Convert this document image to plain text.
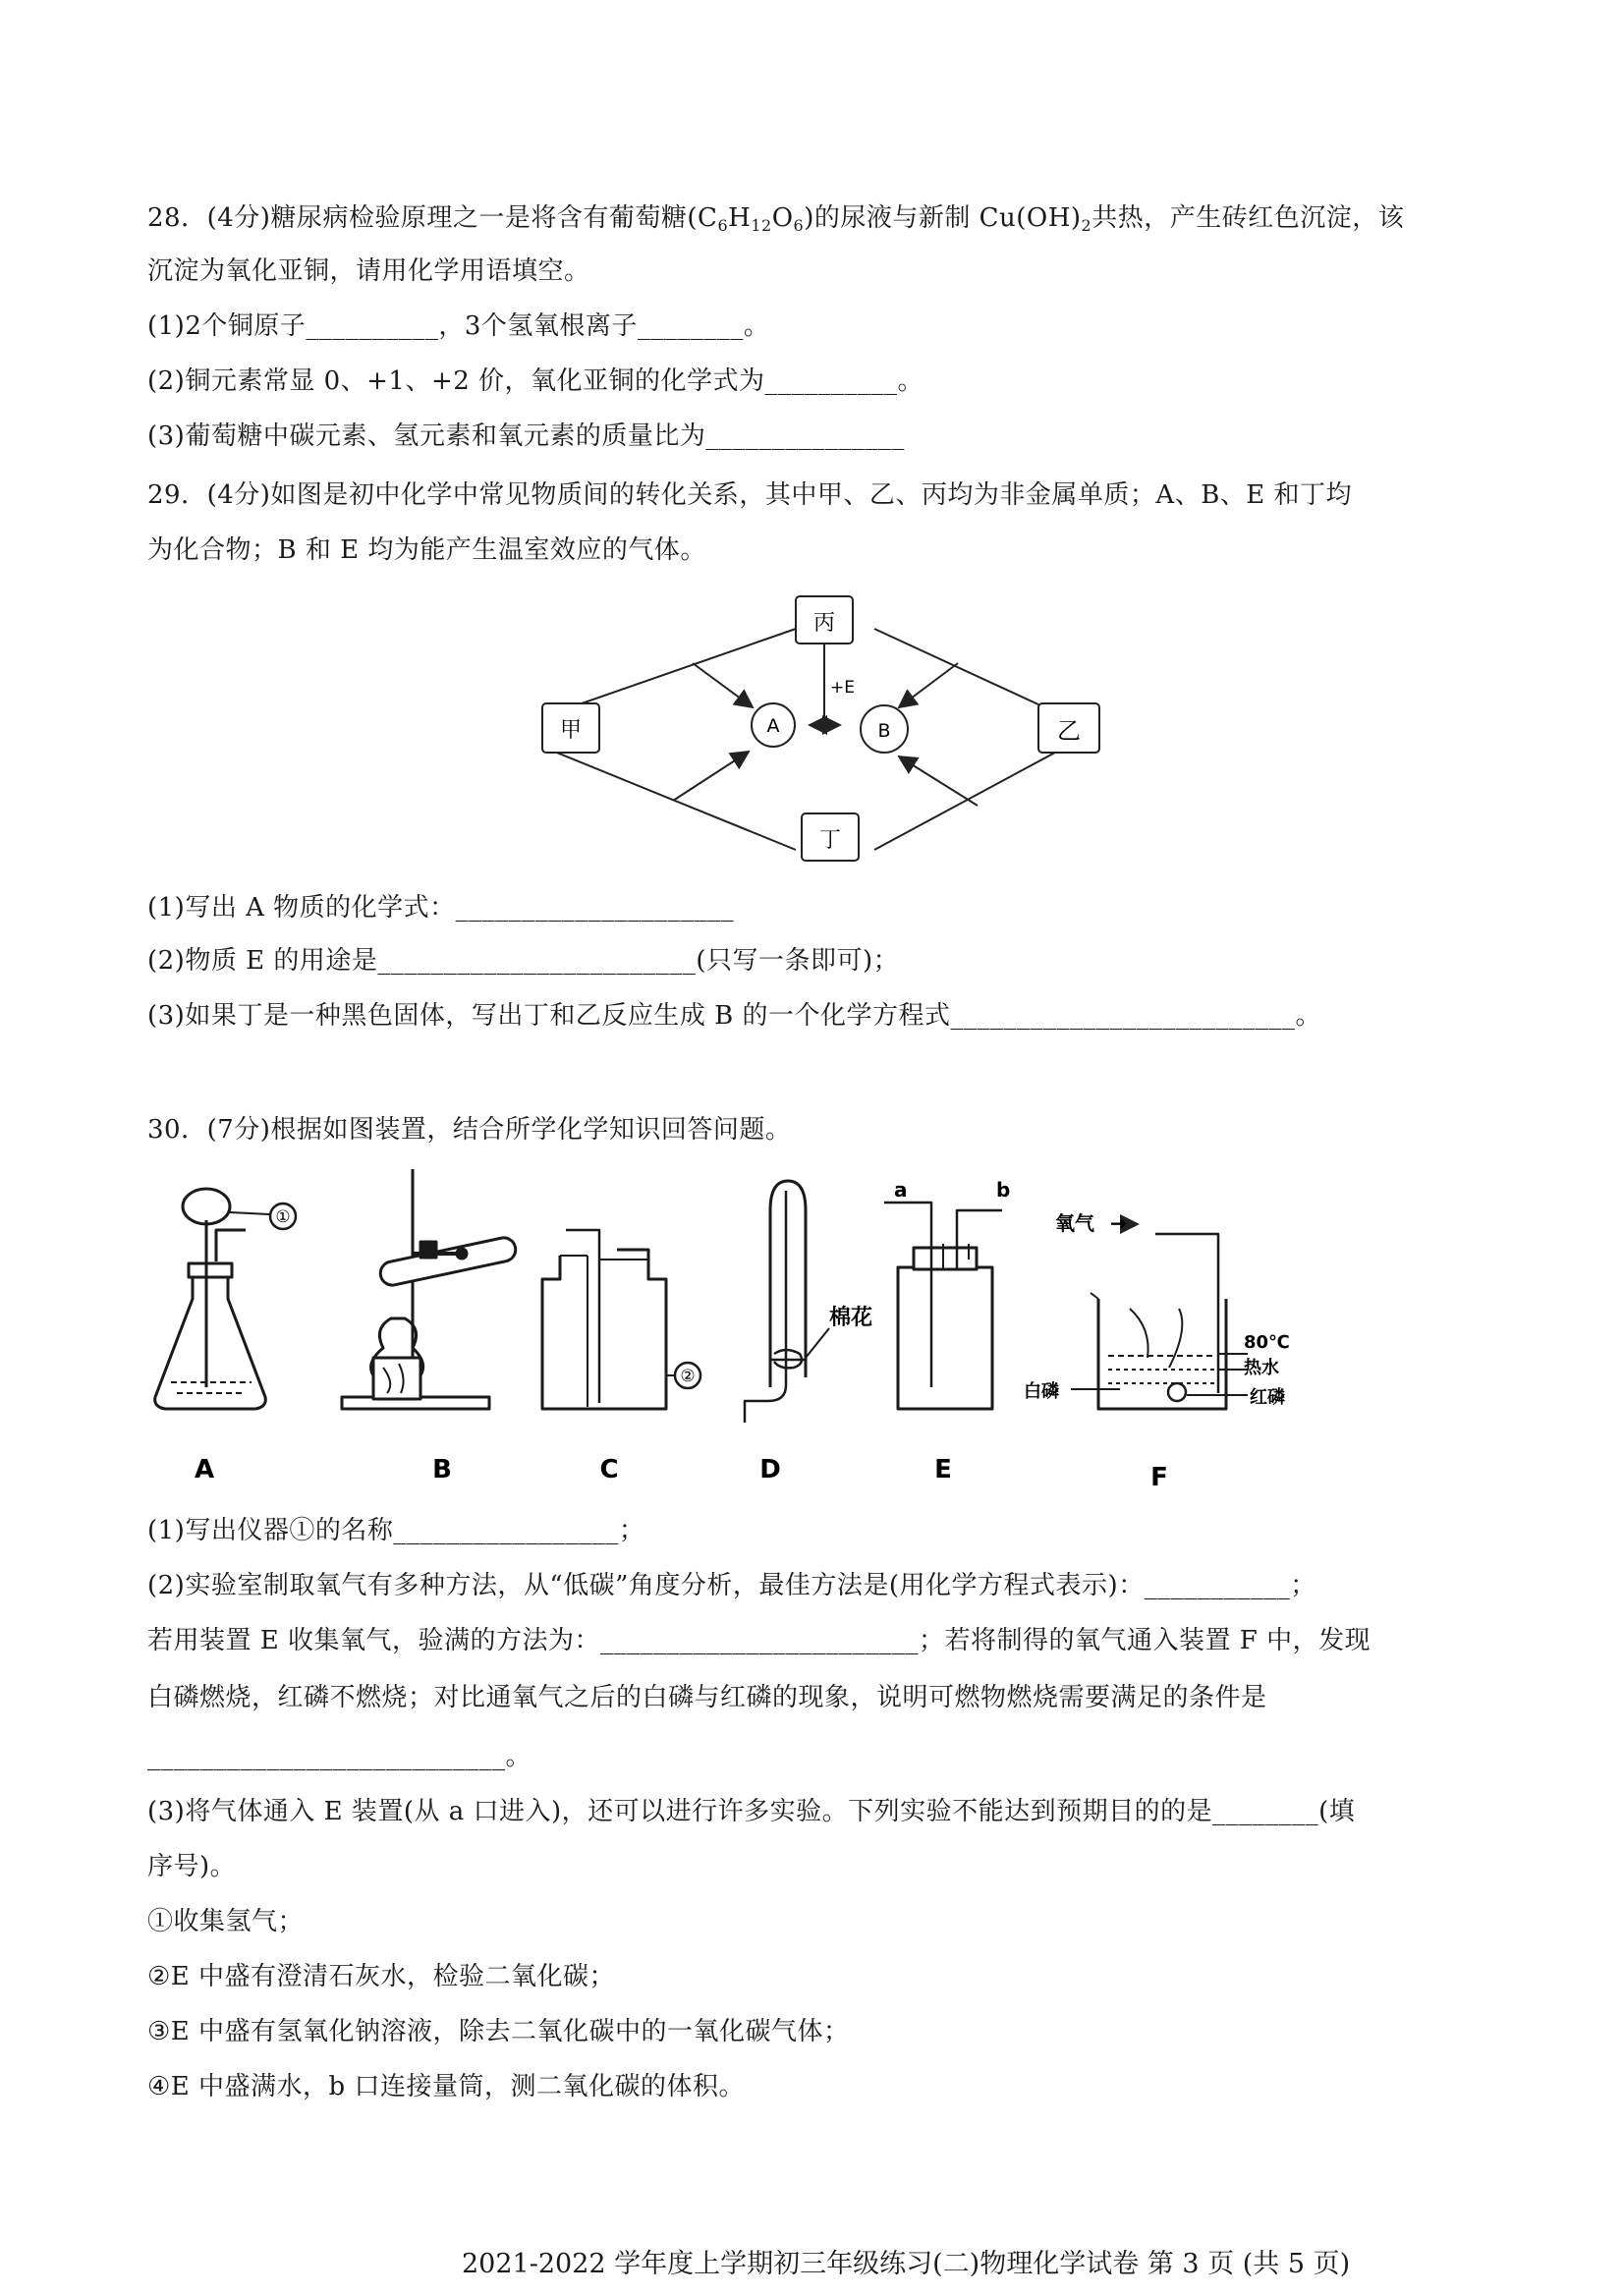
28．(4分)糖尿病检验原理之一是将含有葡萄糖$(C_6H_{12}O_6)$的尿液与新制 $Cu(OH)_2$共热，产生砖红色沉淀，该
沉淀为氧化亚铜，请用化学用语填空。
(1)2个铜原子__________，3个氢氧根离子________。
(2)铜元素常显 0、+1、+2 价，氧化亚铜的化学式为__________。
(3)葡萄糖中碳元素、氢元素和氧元素的质量比为_______________
29．(4分)如图是初中化学中常见物质间的转化关系，其中甲、乙、丙均为非金属单质；A、B、E 和丁均
为化合物；B 和 E 均为能产生温室效应的气体。
丙
甲	乙
丁
A	B
+E
(1)写出 A 物质的化学式：_____________________
(2)物质 E 的用途是________________________(只写一条即可)；
(3)如果丁是一种黑色固体，写出丁和乙反应生成 B 的一个化学方程式__________________________。
30．(7分)根据如图装置，结合所学化学知识回答问题。
①
②
棉花
a	b
氧气 →
80℃
热水
白磷	红磷
A	B	C	D	E	F
(1)写出仪器①的名称_________________；
(2)实验室制取氧气有多种方法，从“低碳”角度分析，最佳方法是(用化学方程式表示)：___________；
若用装置 E 收集氧气，验满的方法为：________________________；若将制得的氧气通入装置 F 中，发现
白磷燃烧，红磷不燃烧；对比通氧气之后的白磷与红磷的现象，说明可燃物燃烧需要满足的条件是
___________________________。
(3)将气体通入 E 装置(从 a 口进入)，还可以进行许多实验。下列实验不能达到预期目的的是________(填
序号)。
①收集氢气；
②E 中盛有澄清石灰水，检验二氧化碳；
③E 中盛有氢氧化钠溶液，除去二氧化碳中的一氧化碳气体；
④E 中盛满水，b 口连接量筒，测二氧化碳的体积。
2021-2022 学年度上学期初三年级练习(二)物理化学试卷 第 3 页 (共 5 页)
